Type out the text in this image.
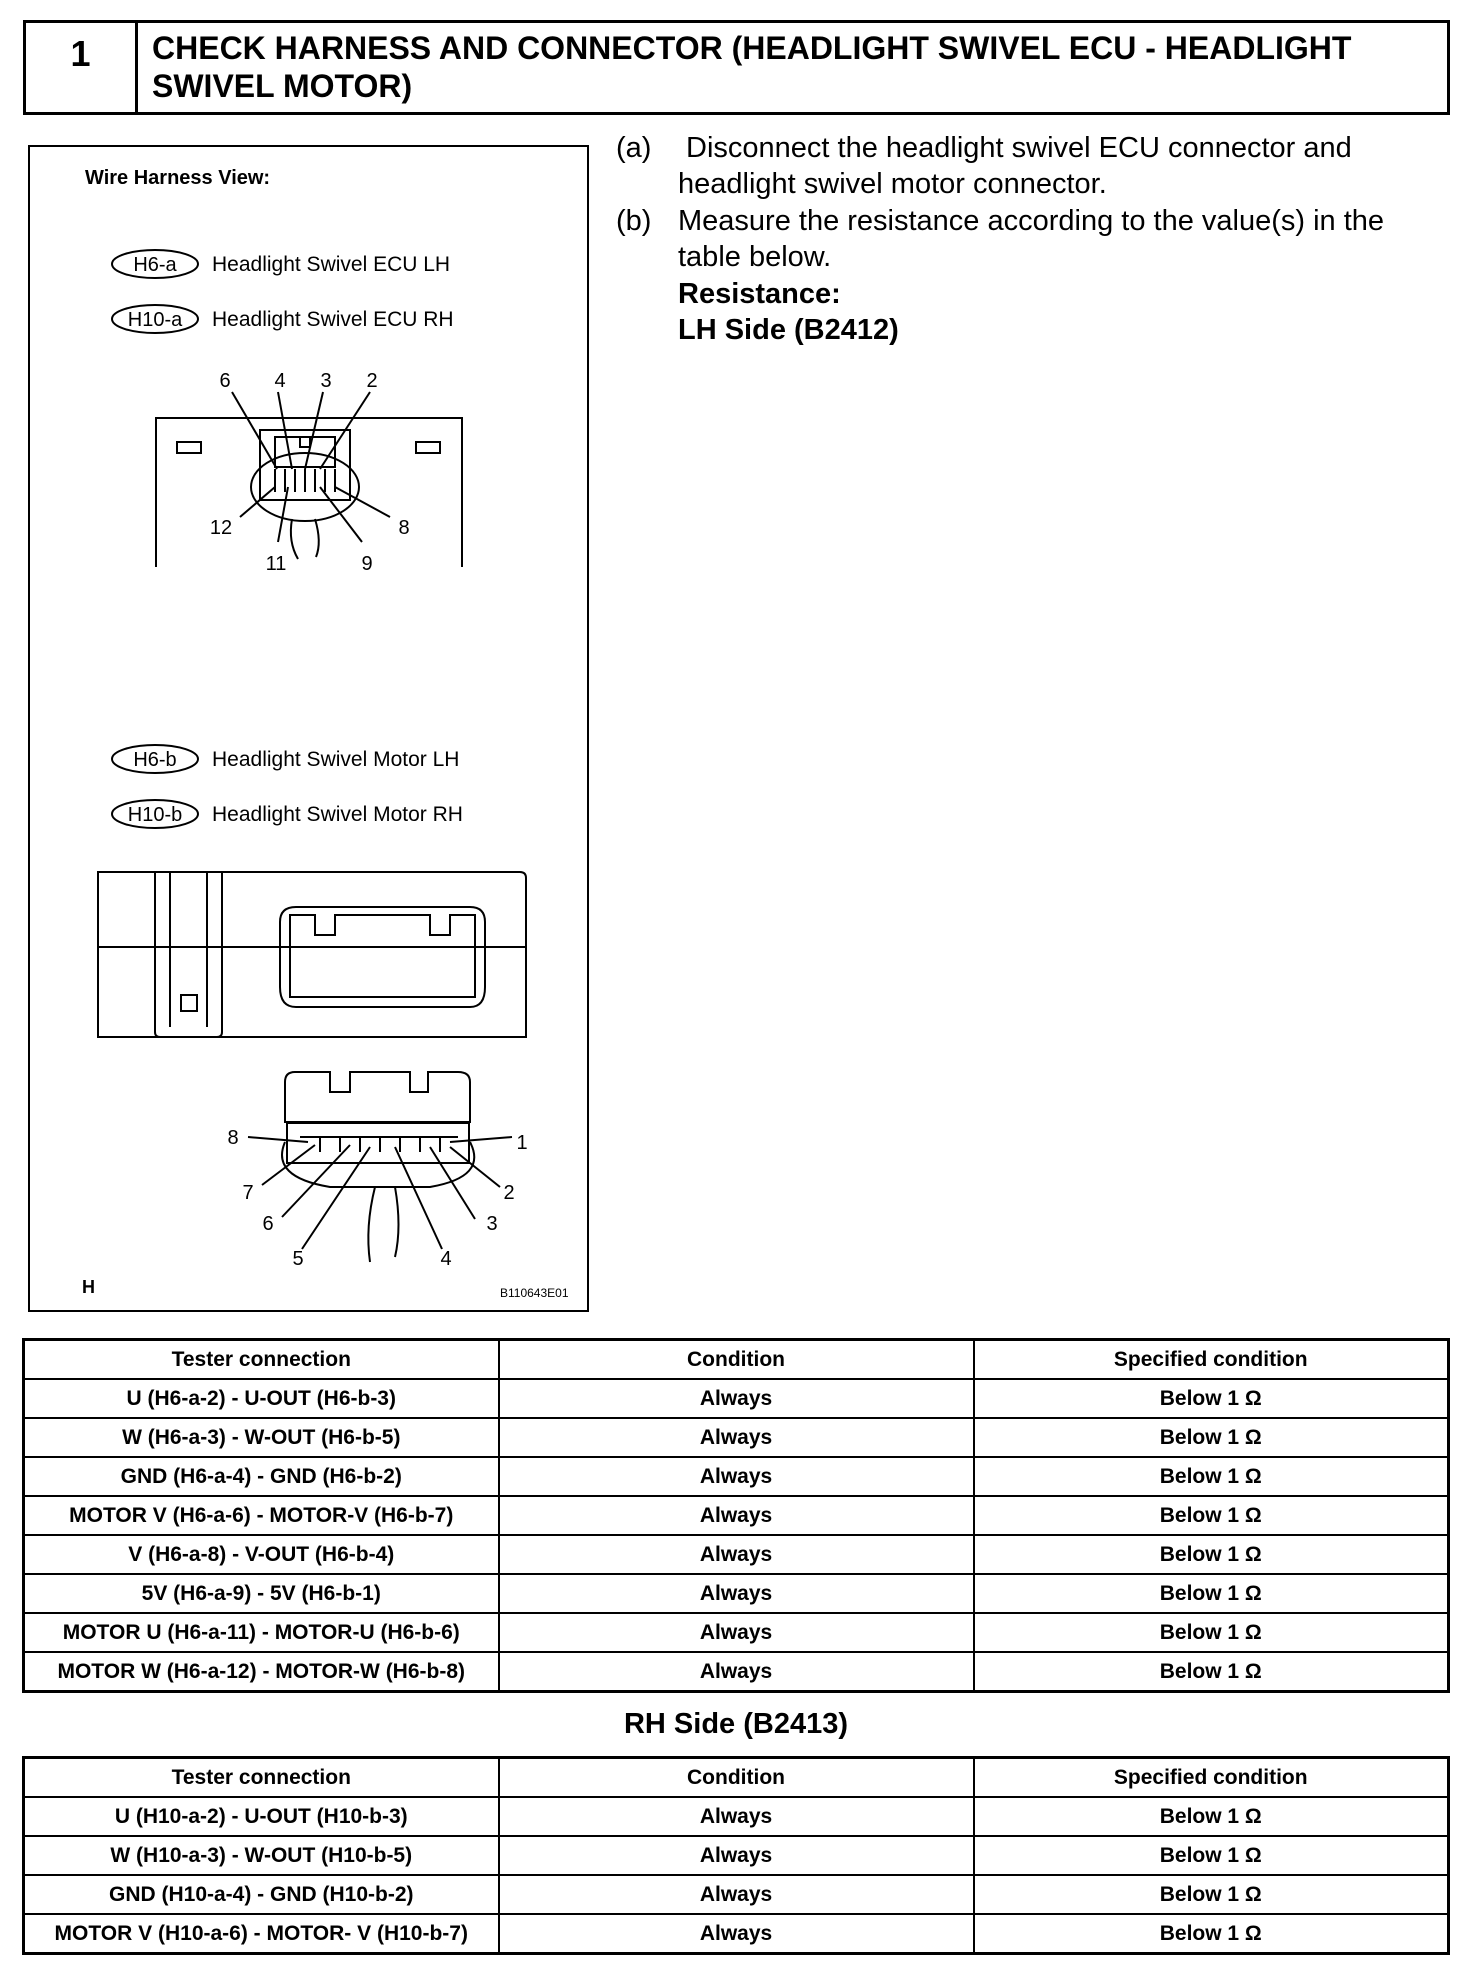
1	CHECK HARNESS AND CONNECTOR (HEADLIGHT SWIVEL ECU - HEADLIGHT SWIVEL MOTOR)
Wire Harness View:
H6-a Headlight Swivel ECU LH
H10-a Headlight Swivel ECU RH
6 4 3 2
12	8
11	9
H6-b Headlight Swivel Motor LH
H10-b Headlight Swivel Motor RH
8	1
7	2
6	3
5	4
H	B110643E01
(a) Disconnect the headlight swivel ECU connector and headlight swivel motor connector.
(b) Measure the resistance according to the value(s) in the table below.
Resistance:
LH Side (B2412)
Tester connection	Condition	Specified condition
U (H6-a-2) - U-OUT (H6-b-3)	Always	Below 1 Ω
W (H6-a-3) - W-OUT (H6-b-5)	Always	Below 1 Ω
GND (H6-a-4) - GND (H6-b-2)	Always	Below 1 Ω
MOTOR V (H6-a-6) - MOTOR-V (H6-b-7)	Always	Below 1 Ω
V (H6-a-8) - V-OUT (H6-b-4)	Always	Below 1 Ω
5V (H6-a-9) - 5V (H6-b-1)	Always	Below 1 Ω
MOTOR U (H6-a-11) - MOTOR-U (H6-b-6)	Always	Below 1 Ω
MOTOR W (H6-a-12) - MOTOR-W (H6-b-8)	Always	Below 1 Ω
RH Side (B2413)
Tester connection	Condition	Specified condition
U (H10-a-2) - U-OUT (H10-b-3)	Always	Below 1 Ω
W (H10-a-3) - W-OUT (H10-b-5)	Always	Below 1 Ω
GND (H10-a-4) - GND (H10-b-2)	Always	Below 1 Ω
MOTOR V (H10-a-6) - MOTOR- V (H10-b-7)	Always	Below 1 Ω
